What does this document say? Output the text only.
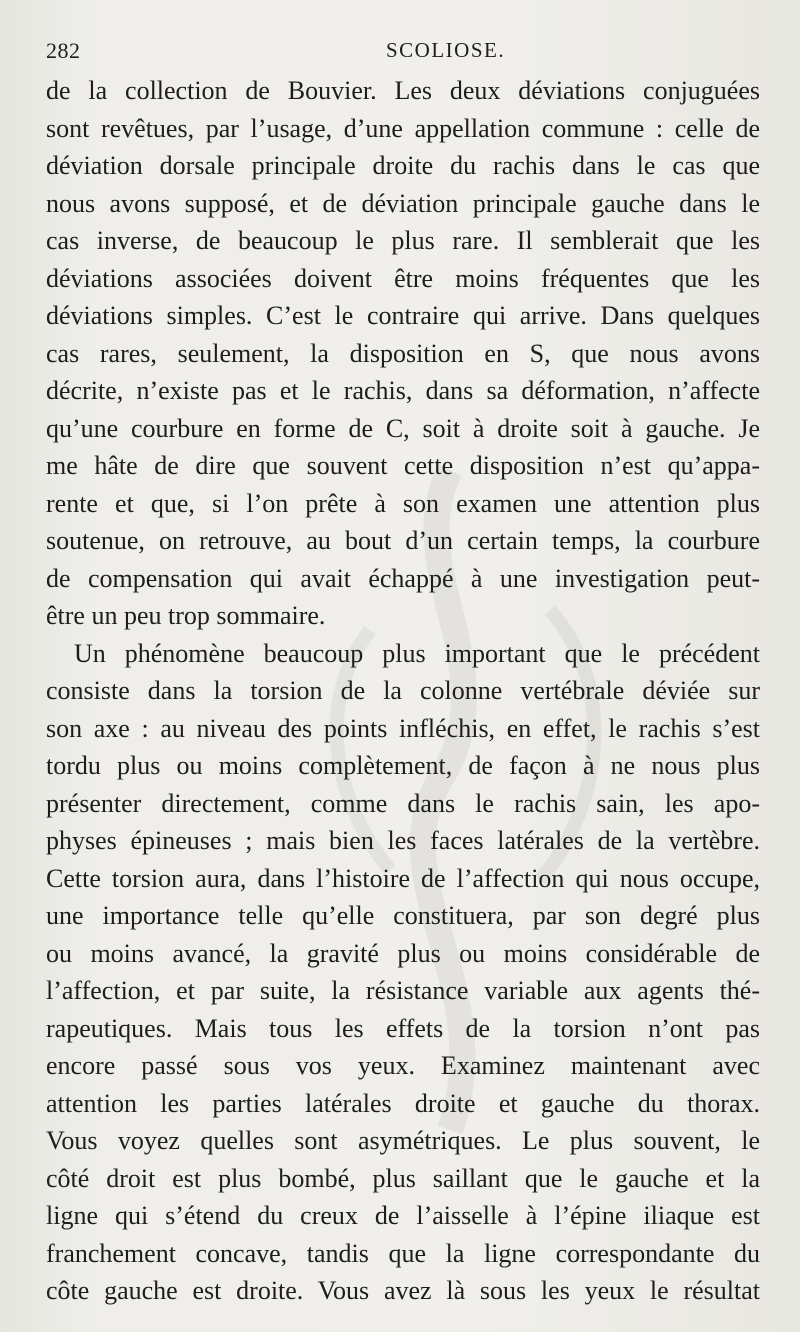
282	SCOLIOSE.
de la collection de Bouvier. Les deux déviations conjuguées
sont revêtues, par l’usage, d’une appellation commune : celle de
déviation dorsale principale droite du rachis dans le cas que
nous avons supposé, et de déviation principale gauche dans le
cas inverse, de beaucoup le plus rare. Il semblerait que les
déviations associées doivent être moins fréquentes que les
déviations simples. C’est le contraire qui arrive. Dans quelques
cas rares, seulement, la disposition en S, que nous avons
décrite, n’existe pas et le rachis, dans sa déformation, n’affecte
qu’une courbure en forme de C, soit à droite soit à gauche. Je
me hâte de dire que souvent cette disposition n’est qu’appa-
rente et que, si l’on prête à son examen une attention plus
soutenue, on retrouve, au bout d’un certain temps, la courbure
de compensation qui avait échappé à une investigation peut-
être un peu trop sommaire.
Un phénomène beaucoup plus important que le précédent
consiste dans la torsion de la colonne vertébrale déviée sur
son axe : au niveau des points infléchis, en effet, le rachis s’est
tordu plus ou moins complètement, de façon à ne nous plus
présenter directement, comme dans le rachis sain, les apo-
physes épineuses ; mais bien les faces latérales de la vertèbre.
Cette torsion aura, dans l’histoire de l’affection qui nous occupe,
une importance telle qu’elle constituera, par son degré plus
ou moins avancé, la gravité plus ou moins considérable de
l’affection, et par suite, la résistance variable aux agents thé-
rapeutiques. Mais tous les effets de la torsion n’ont pas
encore passé sous vos yeux. Examinez maintenant avec
attention les parties latérales droite et gauche du thorax.
Vous voyez quelles sont asymétriques. Le plus souvent, le
côté droit est plus bombé, plus saillant que le gauche et la
ligne qui s’étend du creux de l’aisselle à l’épine iliaque est
franchement concave, tandis que la ligne correspondante du
côte gauche est droite. Vous avez là sous les yeux le résultat
